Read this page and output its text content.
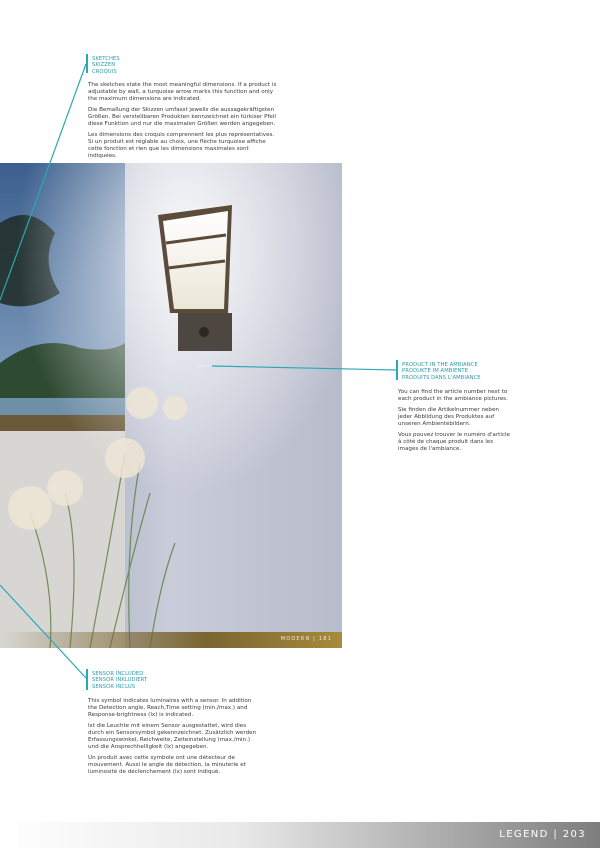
SKETCHES
SKIZZEN
CROQUIS

The sketches state the most meaningful dimensions. If a product is adjustable by wall, a turquoise arrow marks this function and only the maximum dimensions are indicated.

Die Bemaßung der Skizzen umfasst jeweils die aussagekräftigsten Größen. Bei verstellbaren Produkten kennzeichnet ein türkiser Pfeil diese Funktion und nur die maximalen Größen werden angegeben.

Les dimensions des croquis comprennent les plus représentatives. Si un produit est réglable au choix, une flèche turquoise affiche cette fonction et rien que les dimensions maximales sont indiquées.

96017
MODERN | 181
PRODUCT IN THE AMBIANCE
PRODUKTE IM AMBIENTE
PRODUITS DANS L'AMBIANCE

You can find the article number next to each product in the ambiance pictures.

Sie finden die Artikelnummer neben jeder Abbildung des Produktes auf unseren Ambientebildern.

Vous pouvez trouver le numéro d'article à côté de chaque produit dans les images de l'ambiance.

SENSOR INCLUDED
SENSOR INKLUDIERT
SENSOR INCLUS

This symbol indicates luminaires with a sensor. In addition the Detection angle, Reach,Time setting (min./max.) and Response-brightness (lx) is indicated.

Ist die Leuchte mit einem Sensor ausgestattet, wird dies durch ein Sensorsymbol gekennzeichnet. Zusätzlich werden Erfassungswinkel, Reichweite, Zeiteinstellung (max./min.) und die Ansprechhelligkeit (lx) angegeben.

Un produit avec cette symbole ont une détecteur de mouvement. Aussi le angle de détection, la minuterie et luminosité de déclenchement (lx) sont indiqué.

LEGEND | 203
